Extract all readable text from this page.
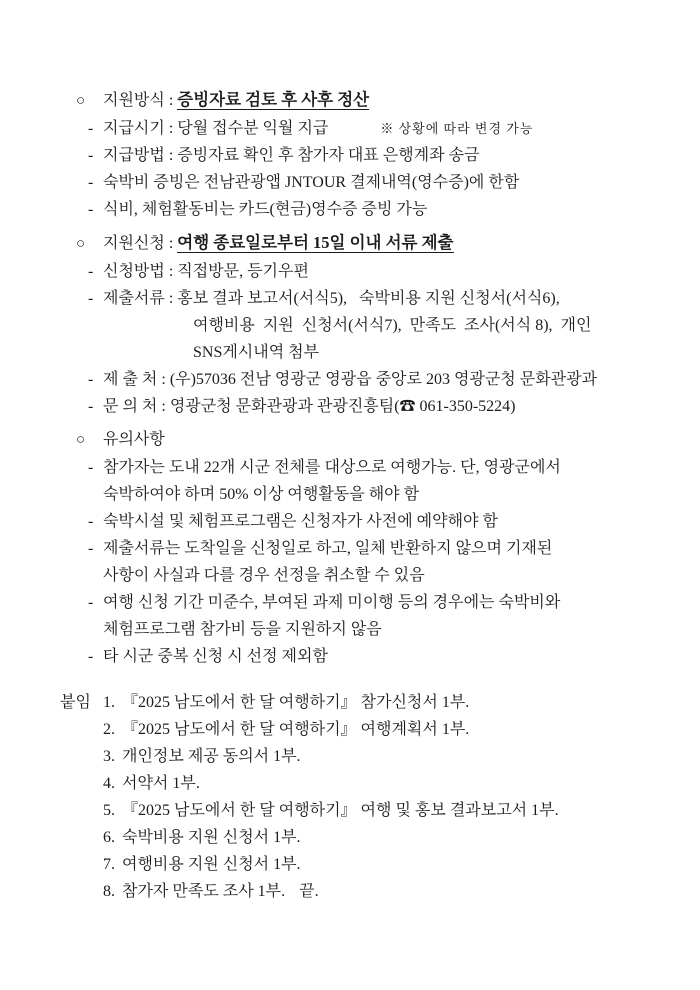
○ 지원방식 : 증빙자료 검토 후 사후 정산
- 지급시기 : 당월 접수분 익월 지급	※ 상황에 따라 변경 가능
- 지급방법 : 증빙자료 확인 후 참가자 대표 은행계좌 송금
- 숙박비 증빙은 전남관광앱 JNTOUR 결제내역(영수증)에 한함
- 식비, 체험활동비는 카드(현금)영수증 증빙 가능
○ 지원신청 : 여행 종료일로부터 15일 이내 서류 제출
- 신청방법 : 직접방문, 등기우편
- 제출서류 : 홍보 결과 보고서(서식5),   숙박비용 지원 신청서(서식6),
여행비용  지원  신청서(서식7),  만족도  조사(서식 8),  개인
SNS게시내역 첨부
- 제 출 처 : (우)57036 전남 영광군 영광읍 중앙로 203 영광군청 문화관광과
- 문 의 처 : 영광군청 문화관광과 관광진흥팀(☎ 061-350-5224)
○ 유의사항
- 참가자는 도내 22개 시군 전체를 대상으로 여행가능. 단, 영광군에서
숙박하여야 하며 50% 이상 여행활동을 해야 함
- 숙박시설 및 체험프로그램은 신청자가 사전에 예약해야 함
- 제출서류는 도착일을 신청일로 하고, 일체 반환하지 않으며 기재된
사항이 사실과 다를 경우 선정을 취소할 수 있음
- 여행 신청 기간 미준수, 부여된 과제 미이행 등의 경우에는 숙박비와
체험프로그램 참가비 등을 지원하지 않음
- 타 시군 중복 신청 시 선정 제외함
붙임 1. 『2025 남도에서 한 달 여행하기』 참가신청서 1부.
2. 『2025 남도에서 한 달 여행하기』 여행계획서 1부.
3. 개인정보 제공 동의서 1부.
4. 서약서 1부.
5. 『2025 남도에서 한 달 여행하기』 여행 및 홍보 결과보고서 1부.
6. 숙박비용 지원 신청서 1부.
7. 여행비용 지원 신청서 1부.
8. 참가자 만족도 조사 1부. 끝.
